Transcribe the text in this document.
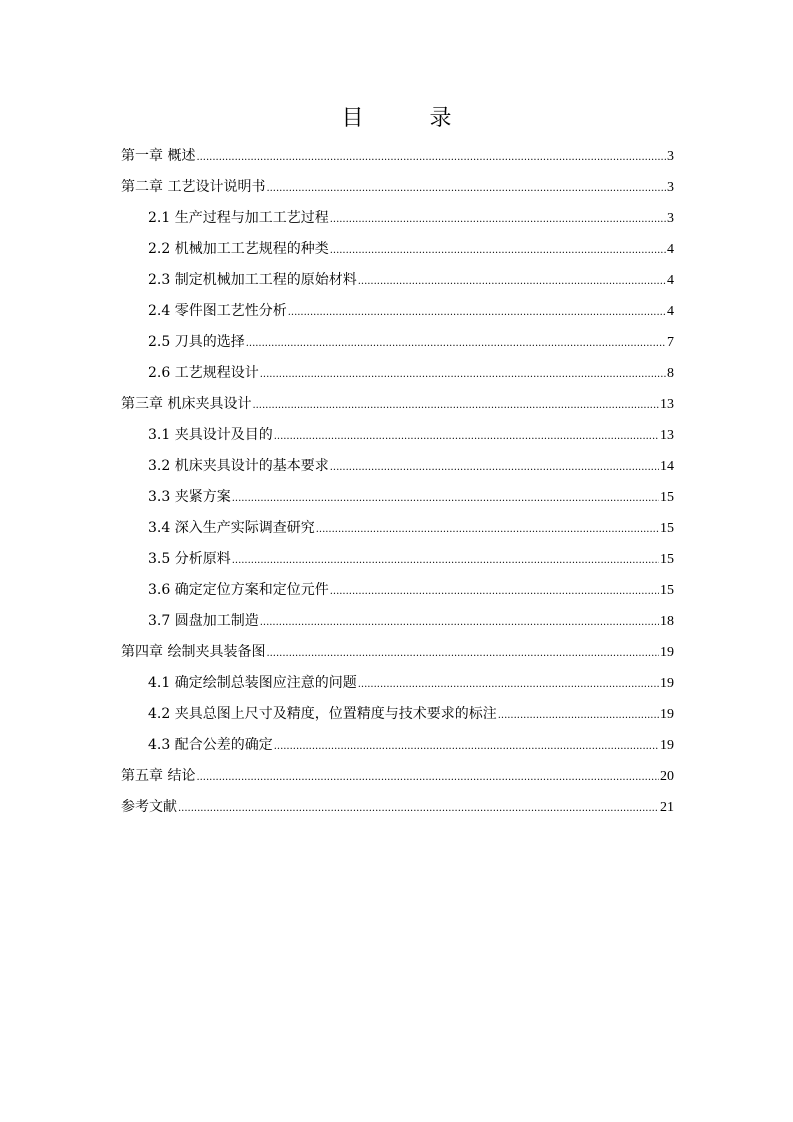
目　录
第一章 概述 .....	3
第二章 工艺设计说明书 .....	3
2.1 生产过程与加工工艺过程 .....	3
2.2 机械加工工艺规程的种类 .....	4
2.3 制定机械加工工程的原始材料 .....	4
2.4 零件图工艺性分析 .....	4
2.5 刀具的选择 .....	7
2.6 工艺规程设计 .....	8
第三章 机床夹具设计 .....	13
3.1 夹具设计及目的 .....	13
3.2 机床夹具设计的基本要求 .....	14
3.3 夹紧方案 .....	15
3.4 深入生产实际调查研究 .....	15
3.5 分析原料 .....	15
3.6 确定定位方案和定位元件 .....	15
3.7 圆盘加工制造 .....	18
第四章 绘制夹具装备图 .....	19
4.1 确定绘制总装图应注意的问题 .....	19
4.2 夹具总图上尺寸及精度，位置精度与技术要求的标注 .....	19
4.3 配合公差的确定 .....	19
第五章 结论 .....	20
参考文献 .....	21
